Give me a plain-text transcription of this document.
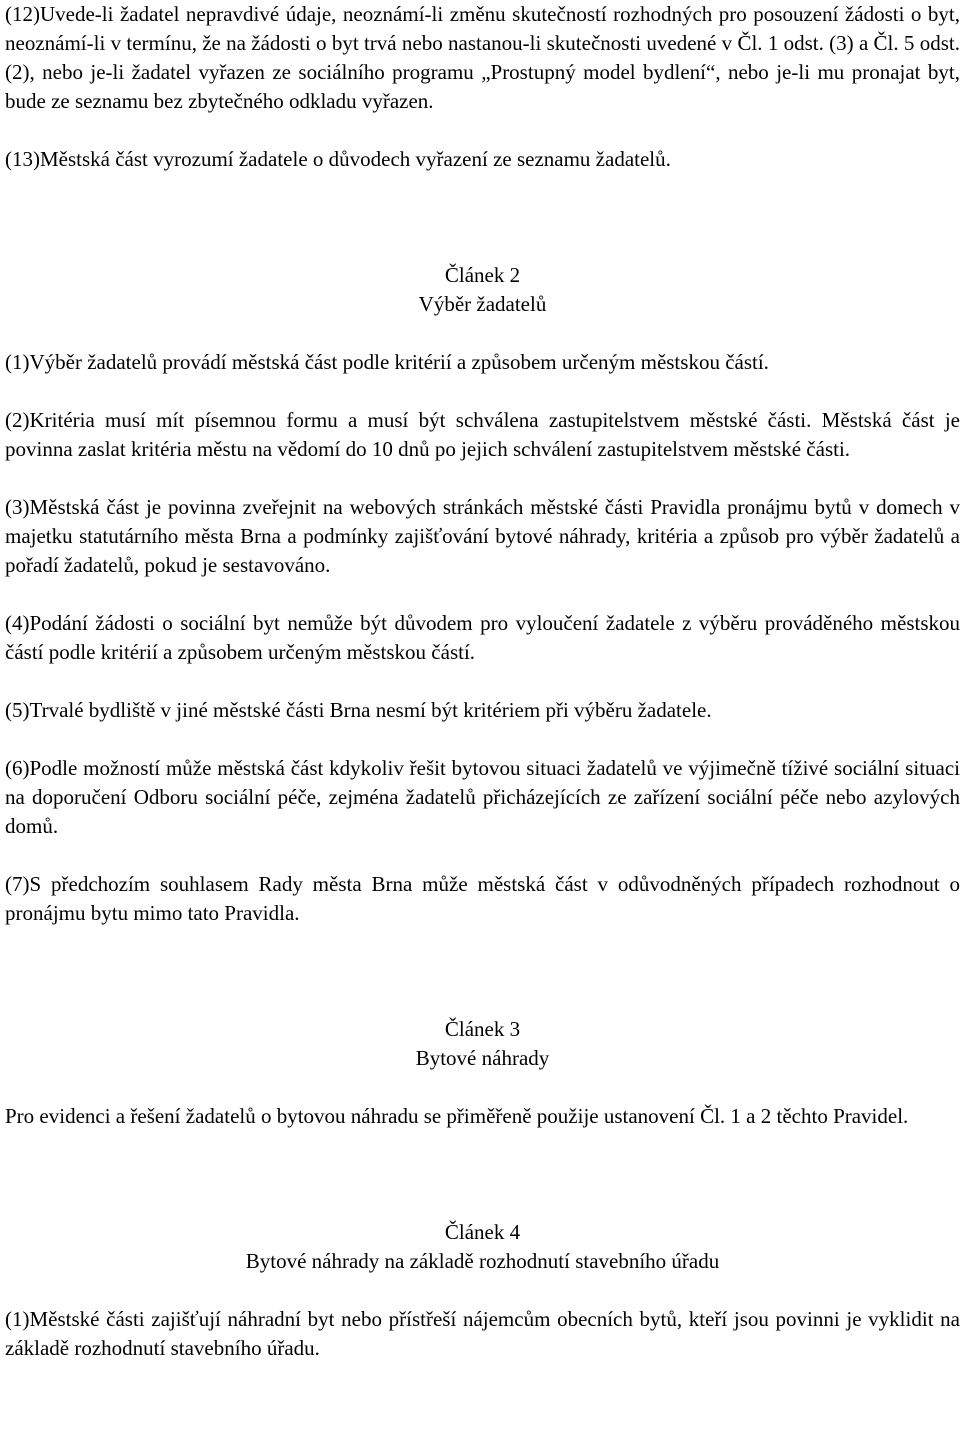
(12)Uvede-li žadatel nepravdivé údaje, neoznámí-li změnu skutečností rozhodných pro posouzení žádosti o byt, neoznámí-li v termínu, že na žádosti o byt trvá nebo nastanou-li skutečnosti uvedené v Čl. 1 odst. (3) a Čl. 5 odst. (2), nebo je-li žadatel vyřazen ze sociálního programu „Prostupný model bydlení“, nebo je-li mu pronajat byt, bude ze seznamu bez zbytečného odkladu vyřazen.

(13)Městská část vyrozumí žadatele o důvodech vyřazení ze seznamu žadatelů.

Článek 2
Výběr žadatelů

(1)Výběr žadatelů provádí městská část podle kritérií a způsobem určeným městskou částí.

(2)Kritéria musí mít písemnou formu a musí být schválena zastupitelstvem městské části. Městská část je povinna zaslat kritéria městu na vědomí do 10 dnů po jejich schválení zastupitelstvem městské části.

(3)Městská část je povinna zveřejnit na webových stránkách městské části Pravidla pronájmu bytů v domech v majetku statutárního města Brna a podmínky zajišťování bytové náhrady, kritéria a způsob pro výběr žadatelů a pořadí žadatelů, pokud je sestavováno.

(4)Podání žádosti o sociální byt nemůže být důvodem pro vyloučení žadatele z výběru prováděného městskou částí podle kritérií a způsobem určeným městskou částí.

(5)Trvalé bydliště v jiné městské části Brna nesmí být kritériem při výběru žadatele.

(6)Podle možností může městská část kdykoliv řešit bytovou situaci žadatelů ve výjimečně tíživé sociální situaci na doporučení Odboru sociální péče, zejména žadatelů přicházejících ze zařízení sociální péče nebo azylových domů.

(7)S předchozím souhlasem Rady města Brna může městská část v odůvodněných případech rozhodnout o pronájmu bytu mimo tato Pravidla.

Článek 3
Bytové náhrady

Pro evidenci a řešení žadatelů o bytovou náhradu se přiměřeně použije ustanovení Čl. 1 a 2 těchto Pravidel.

Článek 4
Bytové náhrady na základě rozhodnutí stavebního úřadu

(1)Městské části zajišťují náhradní byt nebo přístřeší nájemcům obecních bytů, kteří jsou povinni je vyklidit na základě rozhodnutí stavebního úřadu.
